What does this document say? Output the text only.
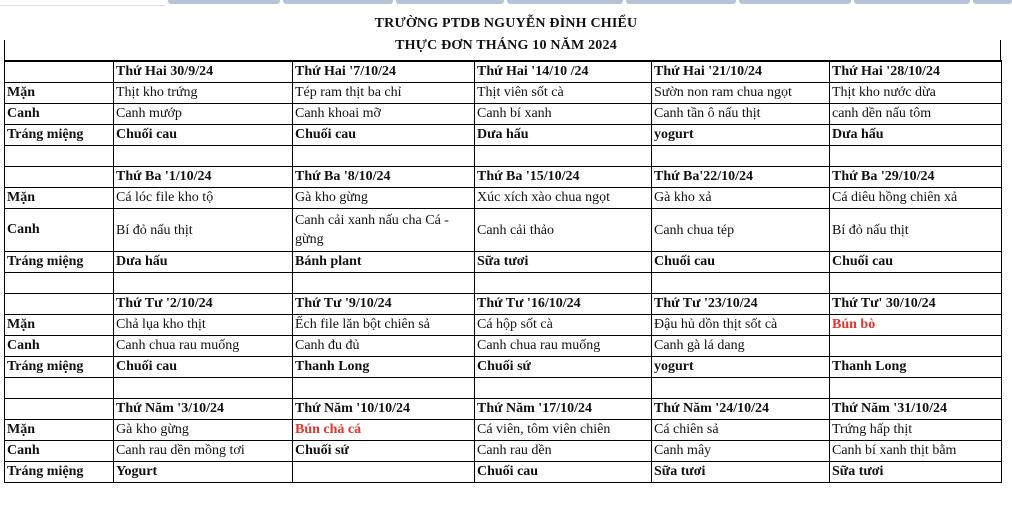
TRƯỜNG PTDB NGUYỄN ĐÌNH CHIỂU
THỰC ĐƠN THÁNG 10 NĂM 2024
	Thứ Hai 30/9/24	Thứ Hai '7/10/24	Thứ Hai '14/10 /24	Thứ Hai '21/10/24	Thứ Hai '28/10/24
Mặn	Thịt kho trứng	Tép ram thịt ba chỉ	Thịt viên sốt cà	Sườn non ram chua ngọt	Thịt kho nước dừa
Canh	Canh mướp	Canh khoai mỡ	Canh bí xanh	Canh tần ô nấu thịt	canh dền nấu tôm
Tráng miệng	Chuối cau	Chuối cau	Dưa hấu	yogurt	Dưa hấu

	Thứ Ba '1/10/24	Thứ Ba '8/10/24	Thứ Ba '15/10/24	Thứ Ba'22/10/24	Thứ Ba '29/10/24
Mặn	Cá lóc file kho tộ	Gà kho gừng	Xúc xích xào chua ngọt	Gà kho xả	Cá diêu hồng chiên xả
Canh	Bí đỏ nấu thịt	Canh cải xanh nấu cha Cá - gừng	Canh cải thảo	Canh chua tép	Bí đỏ nấu thịt
Tráng miệng	Dưa hấu	Bánh plant	Sữa tươi	Chuối cau	Chuối cau

	Thứ Tư '2/10/24	Thứ Tư '9/10/24	Thứ Tư '16/10/24	Thứ Tư '23/10/24	Thứ Tư' 30/10/24
Mặn	Chả lụa kho thịt	Ếch file lăn bột chiên sả	Cá hộp sốt cà	Đậu hủ dồn thịt sốt cà	Bún bò
Canh	Canh chua rau muống	Canh đu đủ	Canh chua rau muống	Canh gà lá dang	
Tráng miệng	Chuối cau	Thanh Long	Chuối sứ	yogurt	Thanh Long

	Thứ Năm '3/10/24	Thứ Năm '10/10/24	Thứ Năm '17/10/24	Thứ Năm '24/10/24	Thứ Năm '31/10/24
Mặn	Gà kho gừng	Bún chả cá	Cá viên, tôm viên chiên	Cá chiên sả	Trứng hấp thịt
Canh	Canh rau dền mồng tơi	Chuối sứ	Canh rau dền	Canh mây	Canh bí xanh thịt bằm
Tráng miệng	Yogurt		Chuối cau	Sữa tươi	Sữa tươi
